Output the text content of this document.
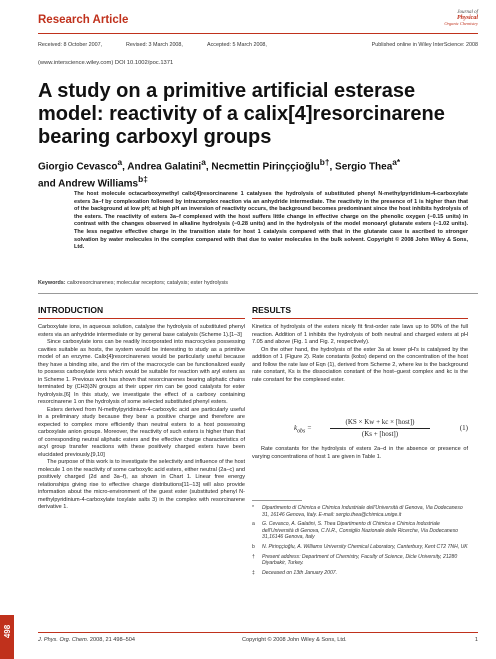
Research Article
Journal of
Physical
Organic Chemistry
Received: 8 October 2007,	Revised: 3 March 2008,	Accepted: 5 March 2008,	Published online in Wiley InterScience: 2008
(www.interscience.wiley.com) DOI 10.1002/poc.1371
A study on a primitive artificial esterase model: reactivity of a calix[4]resorcinarene bearing carboxyl groups
Giorgio Cevasco$^a$, Andrea Galatini$^a$, Necmettin Pirinççioğlu$^{b\dagger}$, Sergio Thea$^{a*}$
and Andrew Williams$^{b\ddagger}$
The host molecule octacarboxymethyl calix[4]resorcinarene 1 catalyses the hydrolysis of substituted phenyl N-methylpyridinium-4-carboxylate esters 3a–f by complexation followed by intracomplex reaction via an anhydride intermediate. The reactivity in the presence of 1 is higher than that of the background at low pH; at high pH an inversion of reactivity occurs, the background becomes predominant since the host inhibits hydrolysis of the esters. The reactivity of esters 3a–f complexed with the host suffers little change in effective charge on the phenolic oxygen (−0.15 units) in contrast with the changes observed in alkaline hydrolysis (−0.28 units) and in the hydrolysis of the model monoaryl glutarate esters (−1.02 units). The less negative effective charge in the transition state for host 1 catalysis compared with that in the glutarate case is ascribed to stronger solvation by water molecules in the complex compared with that due to water molecules in the bulk solvent. Copyright © 2008 John Wiley & Sons, Ltd.
Keywords: calixresorcinarenes; molecular receptors; catalysis; ester hydrolysis
INTRODUCTION

Carboxylate ions, in aqueous solution, catalyse the hydrolysis of substituted phenyl esters via an anhydride intermediate or by general base catalysis (Scheme 1).[1–3]

Since carboxylate ions can be readily incorporated into macrocycles possessing cavities suitable as hosts, the system would be interesting to study as a primitive model of an enzyme. Calix[4]resorcinarenes would be particularly useful because they have a binding site, and the rim of the macrocycle can be functionalized easily to possess carboxylate ions which would be suitable for reaction with aryl esters as in Scheme 1. Previous work has shown that resorcinarenes bearing aliphatic chains terminated by (CH3)3N groups at their upper rim can be good catalysts for ester hydrolysis.[6] In this study, we investigate the effect of a carboxy containing resorcinarene 1 on the hydrolysis of some selected substituted phenyl esters.

Esters derived from N-methylpyridinium-4-carboxylic acid are particularly useful in a preliminary study because they bear a positive charge and therefore are expected to complex more efficiently than neutral esters to a host possessing carboxylate anion groups. Moreover, the reactivity of such esters is higher than that of corresponding neutral aliphatic esters and the effective charge characteristics of acyl group transfer reactions with these positively charged esters have been elucidated previously.[9,10]

The purpose of this work is to investigate the selectivity and influence of the host molecule 1 on the reactivity of some carboxylic acid esters, either neutral (2a–c) and positively charged (2d and 3a–f), as shown in Chart 1. Linear free energy relationships giving rise to effective charge distributions[11–13] will also provide information about the micro-environment of the guest ester (substituted phenyl N-methylpyridinium-4-carboxylate tosylate salts 3) in the complex with resorcinarene derivative 1.

RESULTS

Kinetics of hydrolysis of the esters nicely fit first-order rate laws up to 90% of the full reaction. Addition of 1 inhibits the hydrolysis of both neutral and charged esters at pH 7.05 and above (Fig. 1 and Fig. 2, respectively).

On the other hand, the hydrolysis of the ester 3a at lower pH's is catalysed by the addition of 1 (Figure 2). Rate constants (kobs) depend on the concentration of the host and follow the rate law of Eqn (1), derived from Scheme 2, where kw is the background rate constant, Ks is the dissociation constant of the host–guest complex and kc is the rate constant for the complexed ester.

$k_{obs}$ =
(KS × Kw + kc × [host])
(Ks + [host])
(1)

Rate constants for the hydrolysis of esters 2a–d in the absence or presence of varying concentrations of host 1 are given in Table 1.

* Dipartimento di Chimica e Chimica Industriale dell'Università di Genova, Via Dodecaneso 31, 16146 Genova, Italy. E-mail: sergio.thea@chimica.unige.it
a G. Cevasco, A. Galatini, S. Thea Dipartimento di Chimica e Chimica Industriale dell'Università di Genova, C.N.R., Consiglio Nazionale delle Ricerche, Via Dodecaneso 31,16146 Genova, Italy
b N. Pirinççioğlu, A. Williams University Chemical Laboratory, Canterbury, Kent CT2 7NH, UK
† Present address: Department of Chemistry, Faculty of Science, Dicle University, 21280 Diyarbakir, Turkey.
‡ Deceased on 13th January 2007.
498
J. Phys. Org. Chem. 2008, 21 498–504	Copyright © 2008 John Wiley & Sons, Ltd.	1
